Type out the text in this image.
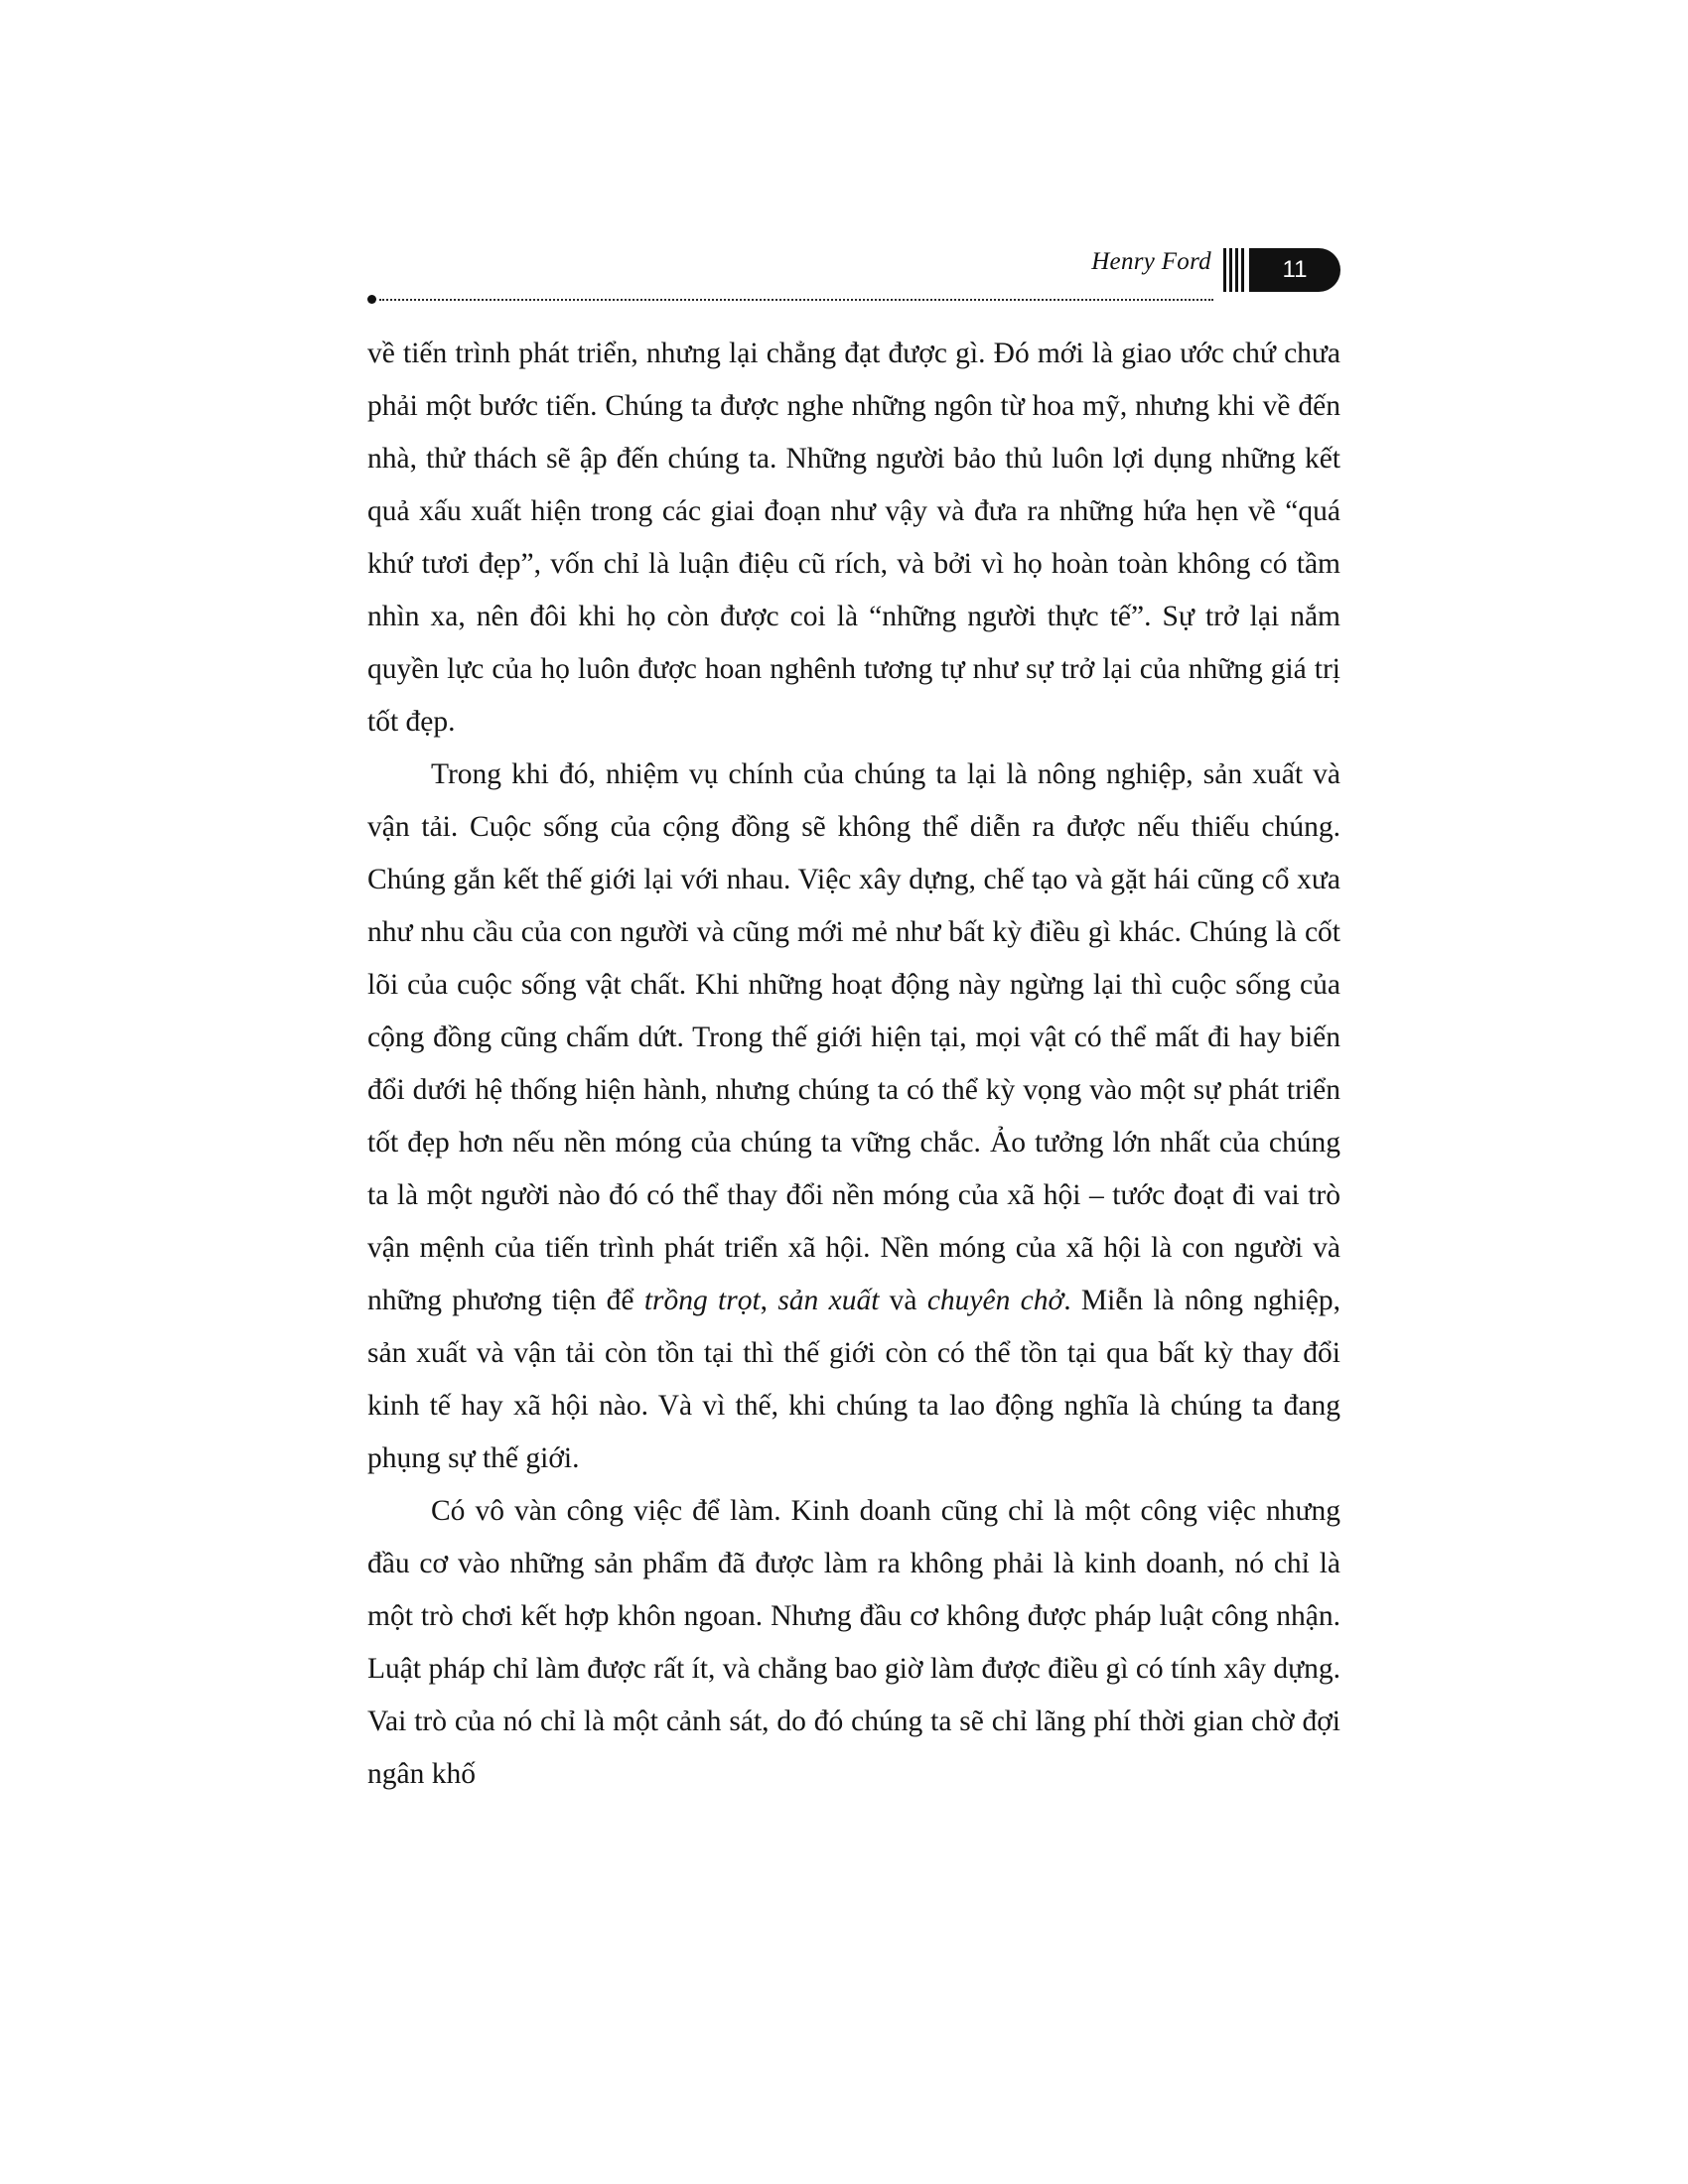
Henry Ford	11

về tiến trình phát triển, nhưng lại chẳng đạt được gì. Đó mới là giao ước chứ chưa phải một bước tiến. Chúng ta được nghe những ngôn từ hoa mỹ, nhưng khi về đến nhà, thử thách sẽ ập đến chúng ta. Những người bảo thủ luôn lợi dụng những kết quả xấu xuất hiện trong các giai đoạn như vậy và đưa ra những hứa hẹn về “quá khứ tươi đẹp”, vốn chỉ là luận điệu cũ rích, và bởi vì họ hoàn toàn không có tầm nhìn xa, nên đôi khi họ còn được coi là “những người thực tế”. Sự trở lại nắm quyền lực của họ luôn được hoan nghênh tương tự như sự trở lại của những giá trị tốt đẹp.

Trong khi đó, nhiệm vụ chính của chúng ta lại là nông nghiệp, sản xuất và vận tải. Cuộc sống của cộng đồng sẽ không thể diễn ra được nếu thiếu chúng. Chúng gắn kết thế giới lại với nhau. Việc xây dựng, chế tạo và gặt hái cũng cổ xưa như nhu cầu của con người và cũng mới mẻ như bất kỳ điều gì khác. Chúng là cốt lõi của cuộc sống vật chất. Khi những hoạt động này ngừng lại thì cuộc sống của cộng đồng cũng chấm dứt. Trong thế giới hiện tại, mọi vật có thể mất đi hay biến đổi dưới hệ thống hiện hành, nhưng chúng ta có thể kỳ vọng vào một sự phát triển tốt đẹp hơn nếu nền móng của chúng ta vững chắc. Ảo tưởng lớn nhất của chúng ta là một người nào đó có thể thay đổi nền móng của xã hội – tước đoạt đi vai trò vận mệnh của tiến trình phát triển xã hội. Nền móng của xã hội là con người và những phương tiện để trồng trọt, sản xuất và chuyên chở. Miễn là nông nghiệp, sản xuất và vận tải còn tồn tại thì thế giới còn có thể tồn tại qua bất kỳ thay đổi kinh tế hay xã hội nào. Và vì thế, khi chúng ta lao động nghĩa là chúng ta đang phụng sự thế giới.

Có vô vàn công việc để làm. Kinh doanh cũng chỉ là một công việc nhưng đầu cơ vào những sản phẩm đã được làm ra không phải là kinh doanh, nó chỉ là một trò chơi kết hợp khôn ngoan. Nhưng đầu cơ không được pháp luật công nhận. Luật pháp chỉ làm được rất ít, và chẳng bao giờ làm được điều gì có tính xây dựng. Vai trò của nó chỉ là một cảnh sát, do đó chúng ta sẽ chỉ lãng phí thời gian chờ đợi ngân khố
